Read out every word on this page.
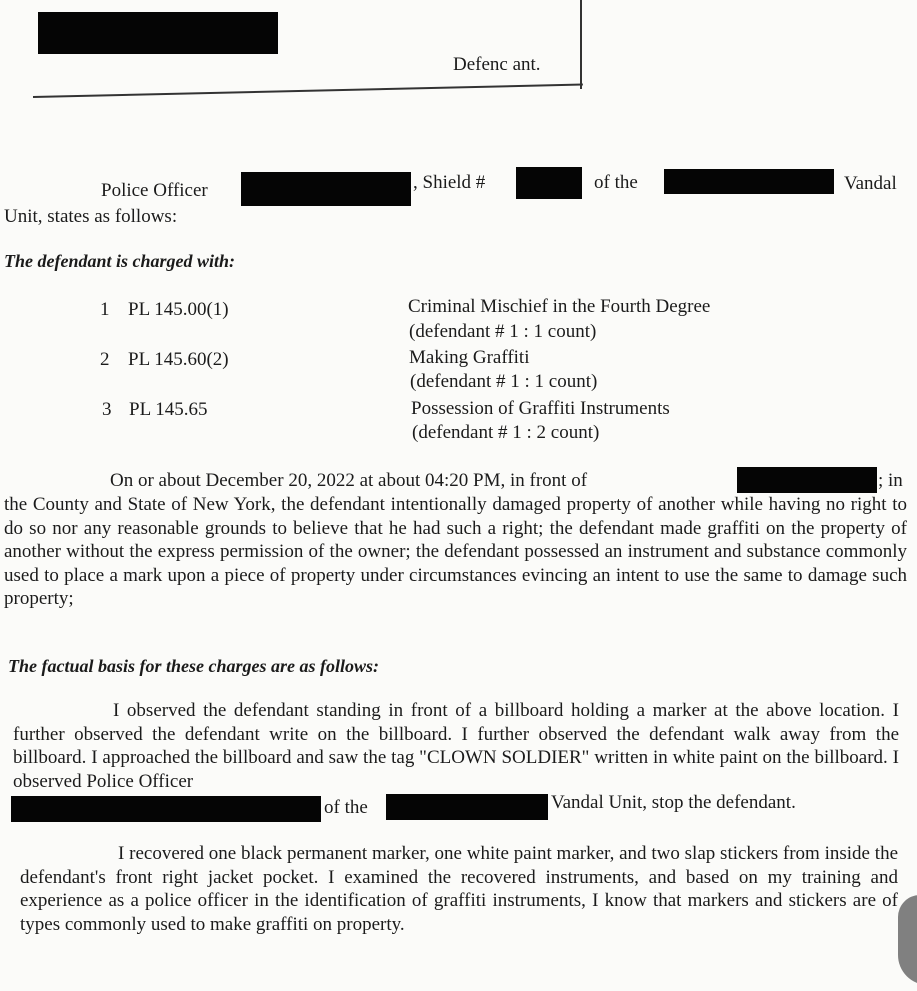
Defenc ant.
Police Officer	, Shield #	of the	Vandal
Unit, states as follows:
The defendant is charged with:
1 PL 145.00(1)	Criminal Mischief in the Fourth Degree
(defendant # 1 : 1 count)
2 PL 145.60(2)	Making Graffiti
(defendant # 1 : 1 count)
3 PL 145.65	Possession of Graffiti Instruments
(defendant # 1 : 2 count)
On or about December 20, 2022 at about 04:20 PM, in front of	; in
the County and State of New York, the defendant intentionally damaged property of another while having no right to do so nor any reasonable grounds to believe that he had such a right; the defendant made graffiti on the property of another without the express permission of the owner; the defendant possessed an instrument and substance commonly used to place a mark upon a piece of property under circumstances evincing an intent to use the same to damage such property;
The factual basis for these charges are as follows:
I observed the defendant standing in front of a billboard holding a marker at the above location. I further observed the defendant write on the billboard. I further observed the defendant walk away from the billboard. I approached the billboard and saw the tag "CLOWN SOLDIER" written in white paint on the billboard. I observed Police Officer
of the	Vandal Unit, stop the defendant.
I recovered one black permanent marker, one white paint marker, and two slap stickers from inside the defendant's front right jacket pocket. I examined the recovered instruments, and based on my training and experience as a police officer in the identification of graffiti instruments, I know that markers and stickers are of types commonly used to make graffiti on property.
